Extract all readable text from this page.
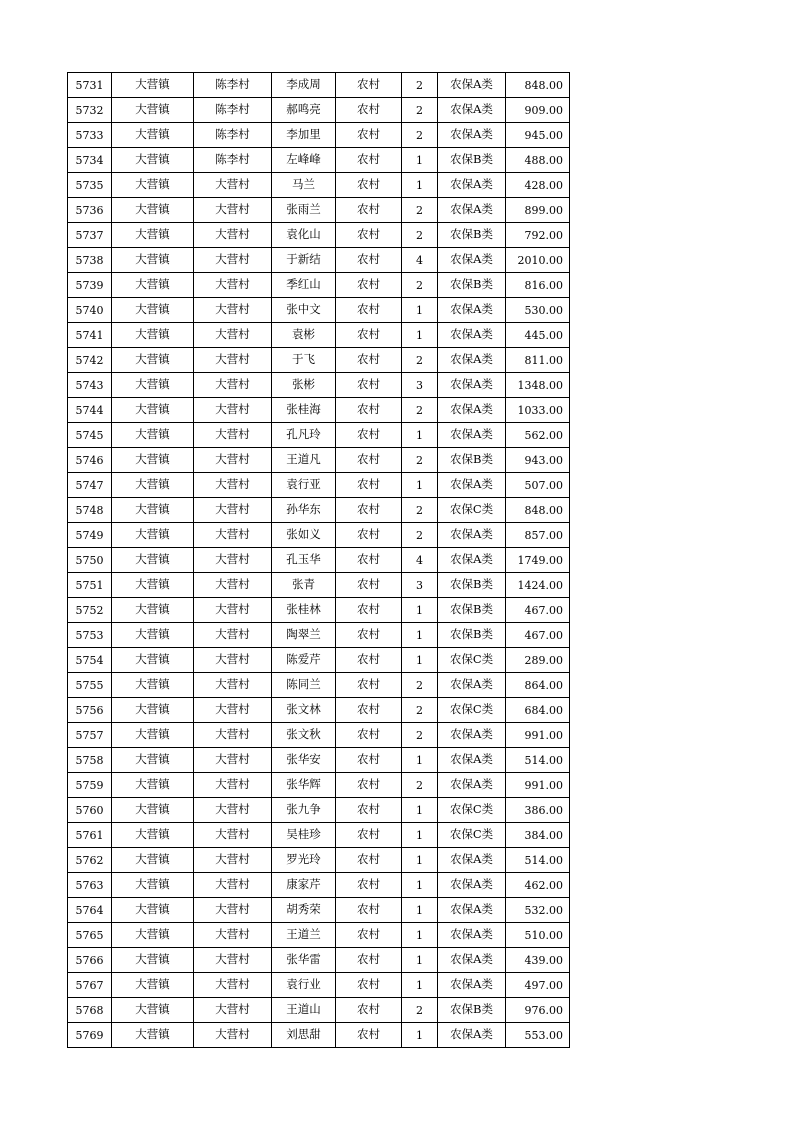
5731	大营镇	陈李村	李成周	农村	2	农保A类	848.00
5732	大营镇	陈李村	郝鸣亮	农村	2	农保A类	909.00
5733	大营镇	陈李村	李加里	农村	2	农保A类	945.00
5734	大营镇	陈李村	左峰峰	农村	1	农保B类	488.00
5735	大营镇	大营村	马兰	农村	1	农保A类	428.00
5736	大营镇	大营村	张雨兰	农村	2	农保A类	899.00
5737	大营镇	大营村	袁化山	农村	2	农保B类	792.00
5738	大营镇	大营村	于新结	农村	4	农保A类	2010.00
5739	大营镇	大营村	季红山	农村	2	农保B类	816.00
5740	大营镇	大营村	张中文	农村	1	农保A类	530.00
5741	大营镇	大营村	袁彬	农村	1	农保A类	445.00
5742	大营镇	大营村	于飞	农村	2	农保A类	811.00
5743	大营镇	大营村	张彬	农村	3	农保A类	1348.00
5744	大营镇	大营村	张桂海	农村	2	农保A类	1033.00
5745	大营镇	大营村	孔凡玲	农村	1	农保A类	562.00
5746	大营镇	大营村	王道凡	农村	2	农保B类	943.00
5747	大营镇	大营村	袁行亚	农村	1	农保A类	507.00
5748	大营镇	大营村	孙华东	农村	2	农保C类	848.00
5749	大营镇	大营村	张如义	农村	2	农保A类	857.00
5750	大营镇	大营村	孔玉华	农村	4	农保A类	1749.00
5751	大营镇	大营村	张青	农村	3	农保B类	1424.00
5752	大营镇	大营村	张桂林	农村	1	农保B类	467.00
5753	大营镇	大营村	陶翠兰	农村	1	农保B类	467.00
5754	大营镇	大营村	陈爱芹	农村	1	农保C类	289.00
5755	大营镇	大营村	陈同兰	农村	2	农保A类	864.00
5756	大营镇	大营村	张文林	农村	2	农保C类	684.00
5757	大营镇	大营村	张文秋	农村	2	农保A类	991.00
5758	大营镇	大营村	张华安	农村	1	农保A类	514.00
5759	大营镇	大营村	张华辉	农村	2	农保A类	991.00
5760	大营镇	大营村	张九争	农村	1	农保C类	386.00
5761	大营镇	大营村	吴桂珍	农村	1	农保C类	384.00
5762	大营镇	大营村	罗光玲	农村	1	农保A类	514.00
5763	大营镇	大营村	康家芹	农村	1	农保A类	462.00
5764	大营镇	大营村	胡秀荣	农村	1	农保A类	532.00
5765	大营镇	大营村	王道兰	农村	1	农保A类	510.00
5766	大营镇	大营村	张华雷	农村	1	农保A类	439.00
5767	大营镇	大营村	袁行业	农村	1	农保A类	497.00
5768	大营镇	大营村	王道山	农村	2	农保B类	976.00
5769	大营镇	大营村	刘思甜	农村	1	农保A类	553.00
